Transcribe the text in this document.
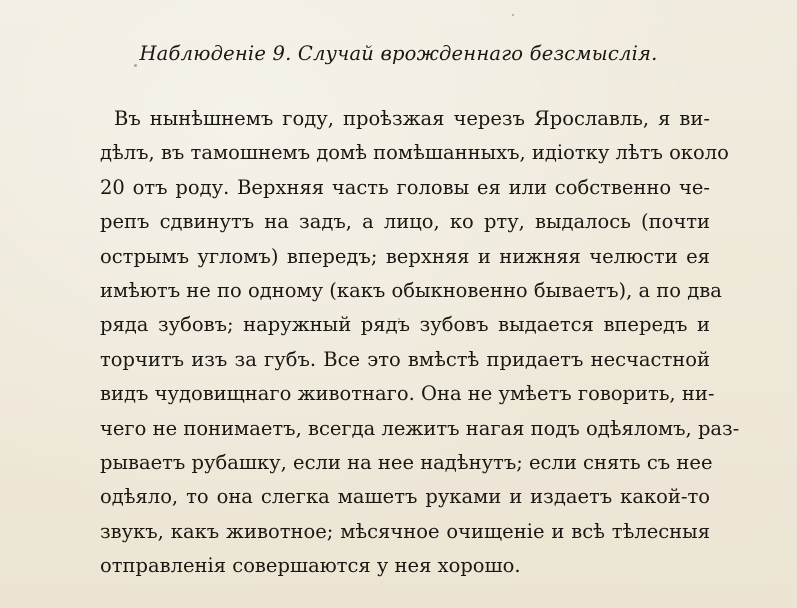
Наблюденіе 9. Случай врожденнаго безсмыслія.
Въ нынѣшнемъ году, проѣзжая черезъ Ярославль, я ви-
дѣлъ, въ тамошнемъ домѣ помѣшанныхъ, идіотку лѣтъ около
20 отъ роду. Верхняя часть головы ея или собственно че-
репъ сдвинутъ на задъ, а лицо, ко рту, выдалось (почти
острымъ угломъ) впередъ; верхняя и нижняя челюсти ея
имѣютъ не по одному (какъ обыкновенно бываетъ), а по два
ряда зубовъ; наружный рядъ зубовъ выдается впередъ и
торчитъ изъ за губъ. Все это вмѣстѣ придаетъ несчастной
видъ чудовищнаго животнаго. Она не умѣетъ говорить, ни-
чего не понимаетъ, всегда лежитъ нагая подъ одѣяломъ, раз-
рываетъ рубашку, если на нее надѣнутъ; если снять съ нее
одѣяло, то она слегка машетъ руками и издаетъ какой-то
звукъ, какъ животное; мѣсячное очищеніе и всѣ тѣлесныя
отправленія совершаются у нея хорошо.
